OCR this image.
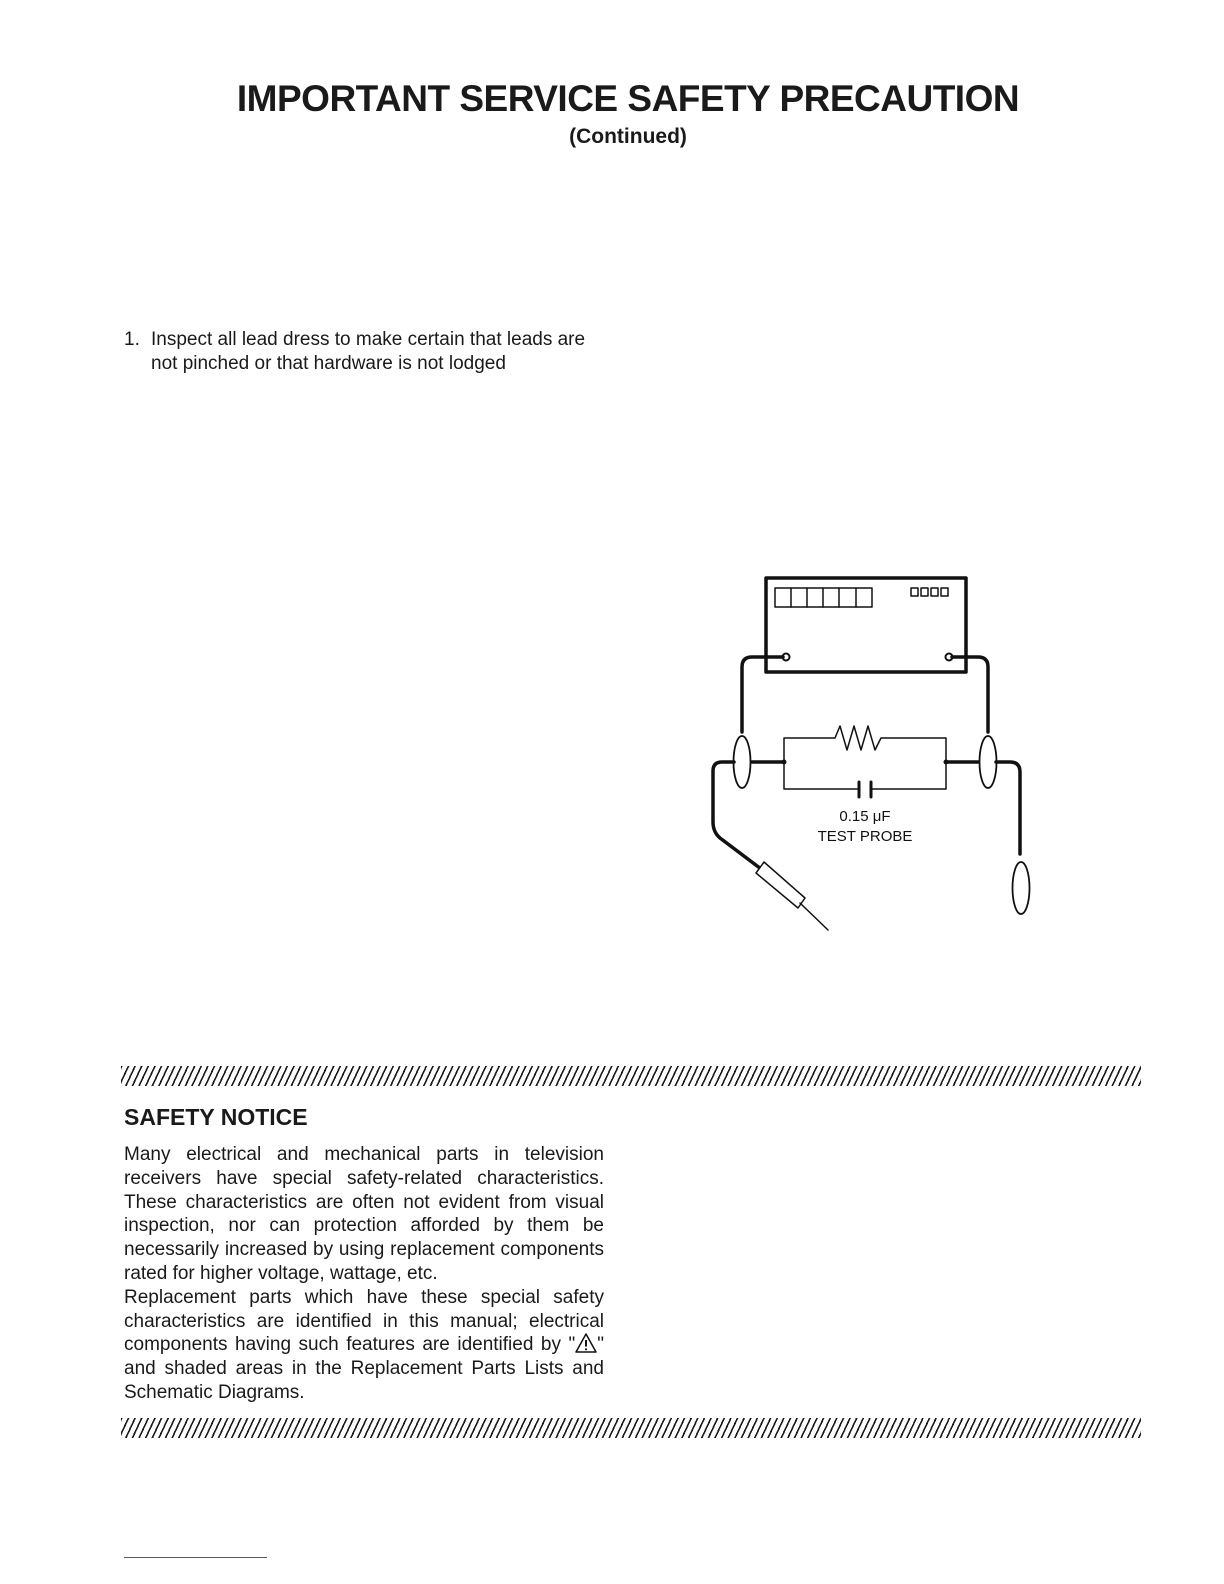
IMPORTANT SERVICE SAFETY PRECAUTION
(Continued)
1. Inspect all lead dress to make certain that leads are not pinched or that hardware is not lodged
0.15 μF
TEST PROBE
SAFETY NOTICE
Many electrical and mechanical parts in television receivers have special safety-related characteristics. These characteristics are often not evident from visual inspection, nor can protection afforded by them be necessarily increased by using replacement components rated for higher voltage, wattage, etc.
Replacement parts which have these special safety characteristics are identified in this manual; electrical components having such features are identified by " " and shaded areas in the Replacement Parts Lists and Schematic Diagrams.
